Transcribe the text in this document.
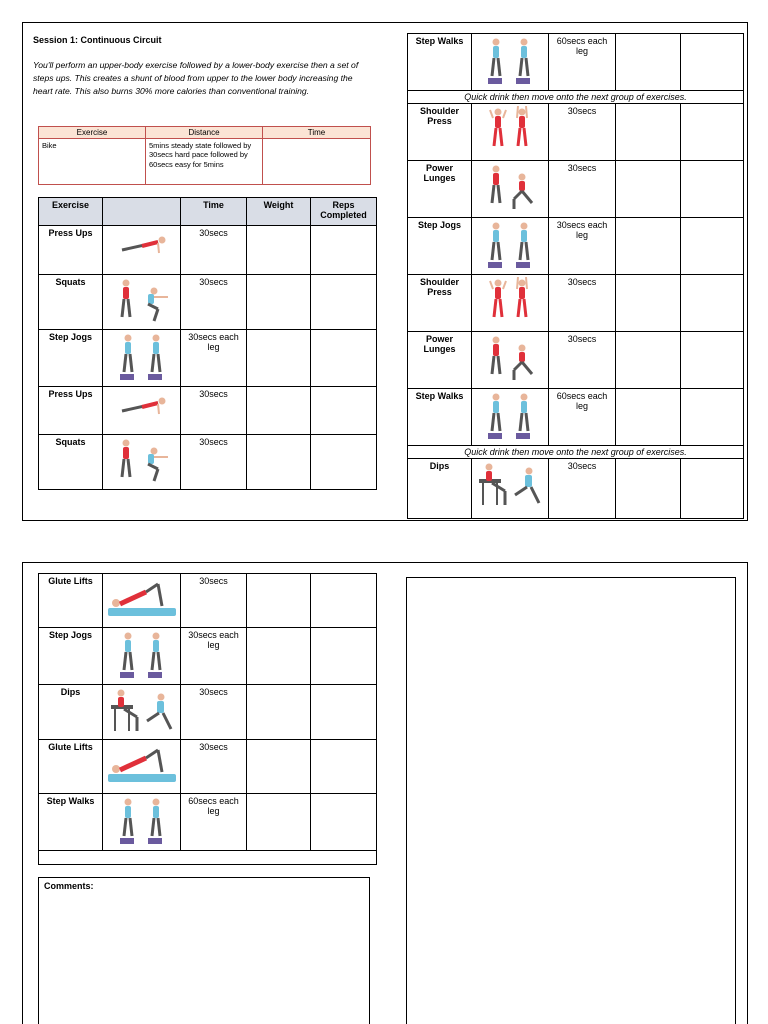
Session 1: Continuous Circuit
You'll perform an upper-body exercise followed by a lower-body exercise then a set of steps ups. This creates a shunt of blood from upper to the lower body increasing the heart rate. This also burns 30% more calories than conventional training.
Exercise	Distance	Time
Bike	5mins steady state followed by 30secs hard pace followed by 60secs easy for 5mins	
Exercise		Time	Weight	Reps Completed
Press Ups		30secs		
Squats		30secs		
Step Jogs		30secs each leg		
Press Ups		30secs		
Squats		30secs		
Step Walks		60secs each leg		
Quick drink then move onto the next group of exercises.				
Shoulder Press		30secs		
Power Lunges		30secs		
Step Jogs		30secs each leg		
Shoulder Press		30secs		
Power Lunges		30secs		
Step Walks		60secs each leg		
Quick drink then move onto the next group of exercises.				
Dips		30secs		
Glute Lifts		30secs		
Step Jogs		30secs each leg		
Dips		30secs		
Glute Lifts		30secs		
Step Walks		60secs each leg		

Comments:
